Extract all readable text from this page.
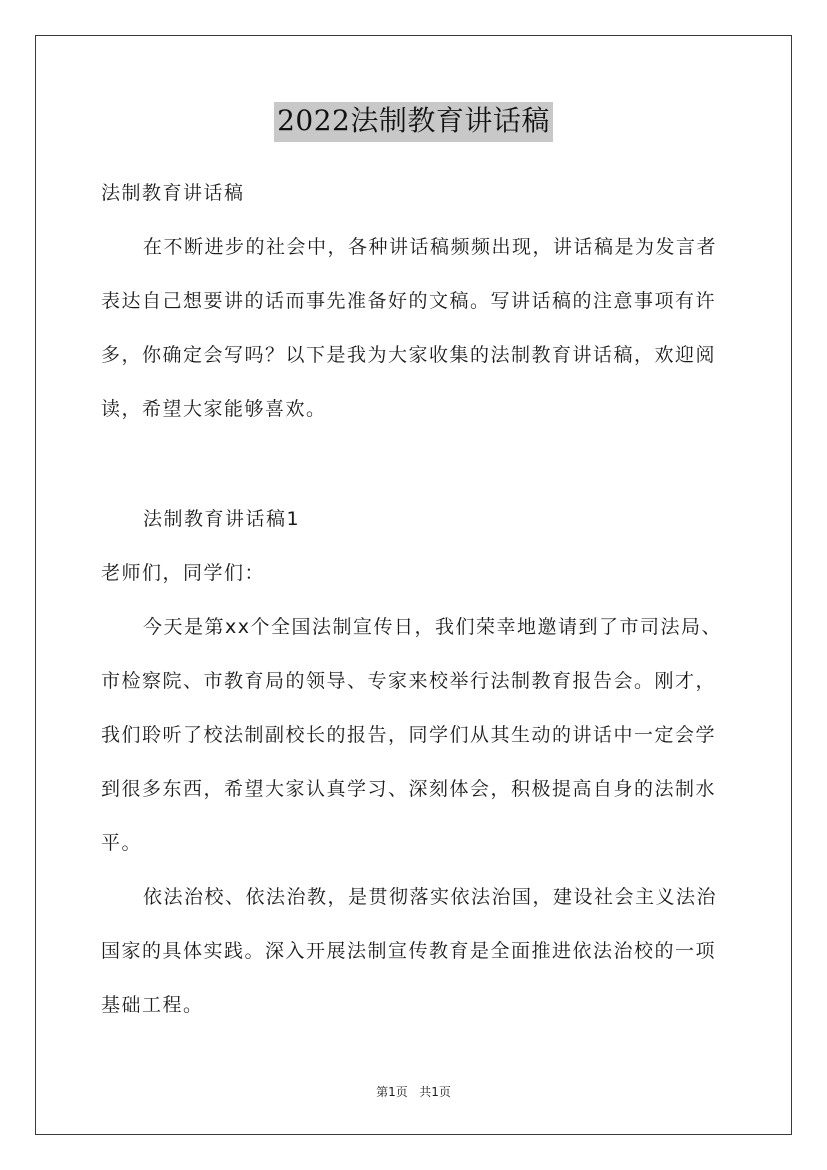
2022法制教育讲话稿
法制教育讲话稿
在不断进步的社会中，各种讲话稿频频出现，讲话稿是为发言者
表达自己想要讲的话而事先准备好的文稿。写讲话稿的注意事项有许
多，你确定会写吗？以下是我为大家收集的法制教育讲话稿，欢迎阅
读，希望大家能够喜欢。
法制教育讲话稿1
老师们，同学们：
今天是第xx个全国法制宣传日，我们荣幸地邀请到了市司法局、
市检察院、市教育局的领导、专家来校举行法制教育报告会。刚才，
我们聆听了校法制副校长的报告，同学们从其生动的讲话中一定会学
到很多东西，希望大家认真学习、深刻体会，积极提高自身的法制水
平。
依法治校、依法治教，是贯彻落实依法治国，建设社会主义法治
国家的具体实践。深入开展法制宣传教育是全面推进依法治校的一项
基础工程。
第1页 共1页
